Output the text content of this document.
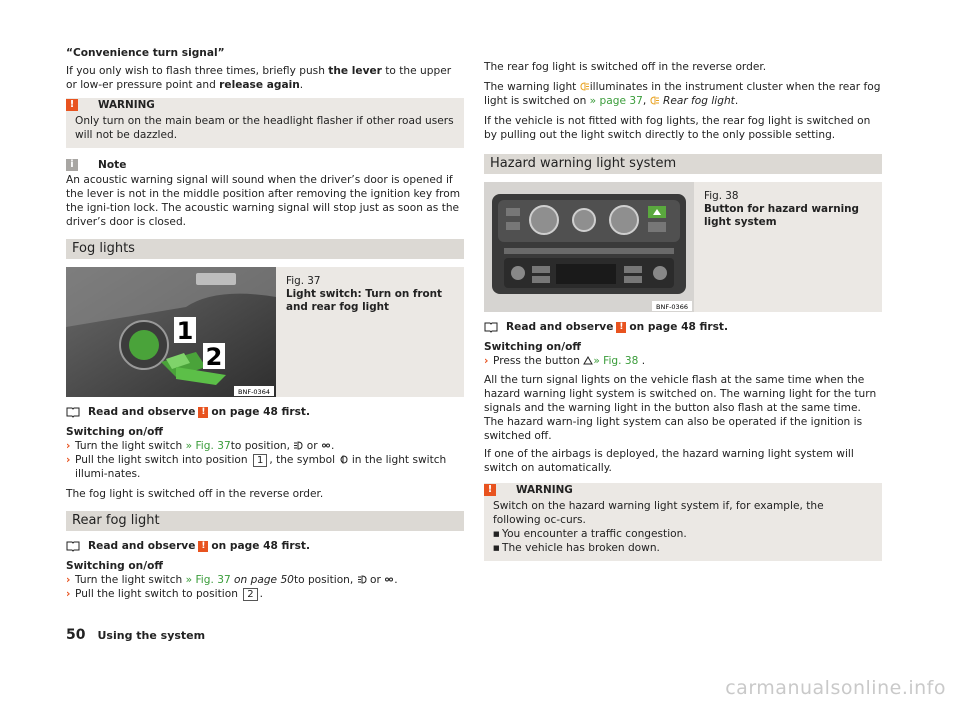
“Convenience turn signal”

If you only wish to flash three times, briefly push the lever to the upper or low-er pressure point and release again.

!	WARNING
Only turn on the main beam or the headlight flasher if other road users will not be dazzled.
i	Note

An acoustic warning signal will sound when the driver’s door is opened if the lever is not in the middle position after removing the ignition key from the igni-tion lock. The acoustic warning signal will stop just as soon as the driver’s door is closed.

Fog lights
1
2
BNF-0364
Fig. 37
Light switch: Turn on front and rear fog light
Read and observe ! on page 48 first.

Switching on/off

› Turn the light switch » Fig. 37to position,  or .
› Pull the light switch into position 1 , the symbol  in the light switch illumi-nates.

The fog light is switched off in the reverse order.

Rear fog light
Read and observe ! on page 48 first.

Switching on/off

› Turn the light switch » Fig. 37 on page 50to position,  or .
› Pull the light switch to position 2 .

The rear fog light is switched off in the reverse order.

The warning light illuminates in the instrument cluster when the rear fog light is switched on » page 37,  Rear fog light.

If the vehicle is not fitted with fog lights, the rear fog light is switched on by pulling out the light switch directly to the only possible setting.

Hazard warning light system
BNF-0366
Fig. 38
Button for hazard warning light system
Read and observe ! on page 48 first.

Switching on/off

› Press the button » Fig. 38 .

All the turn signal lights on the vehicle flash at the same time when the hazard warning light system is switched on. The warning light for the turn signals and the warning light in the button also flash at the same time. The hazard warn-ing light system can also be operated if the ignition is switched off.

If one of the airbags is deployed, the hazard warning light system will switch on automatically.

!	WARNING
Switch on the hazard warning light system if, for example, the following oc-curs.
■ You encounter a traffic congestion.
■ The vehicle has broken down.
50 Using the system
carmanualsonline.info
